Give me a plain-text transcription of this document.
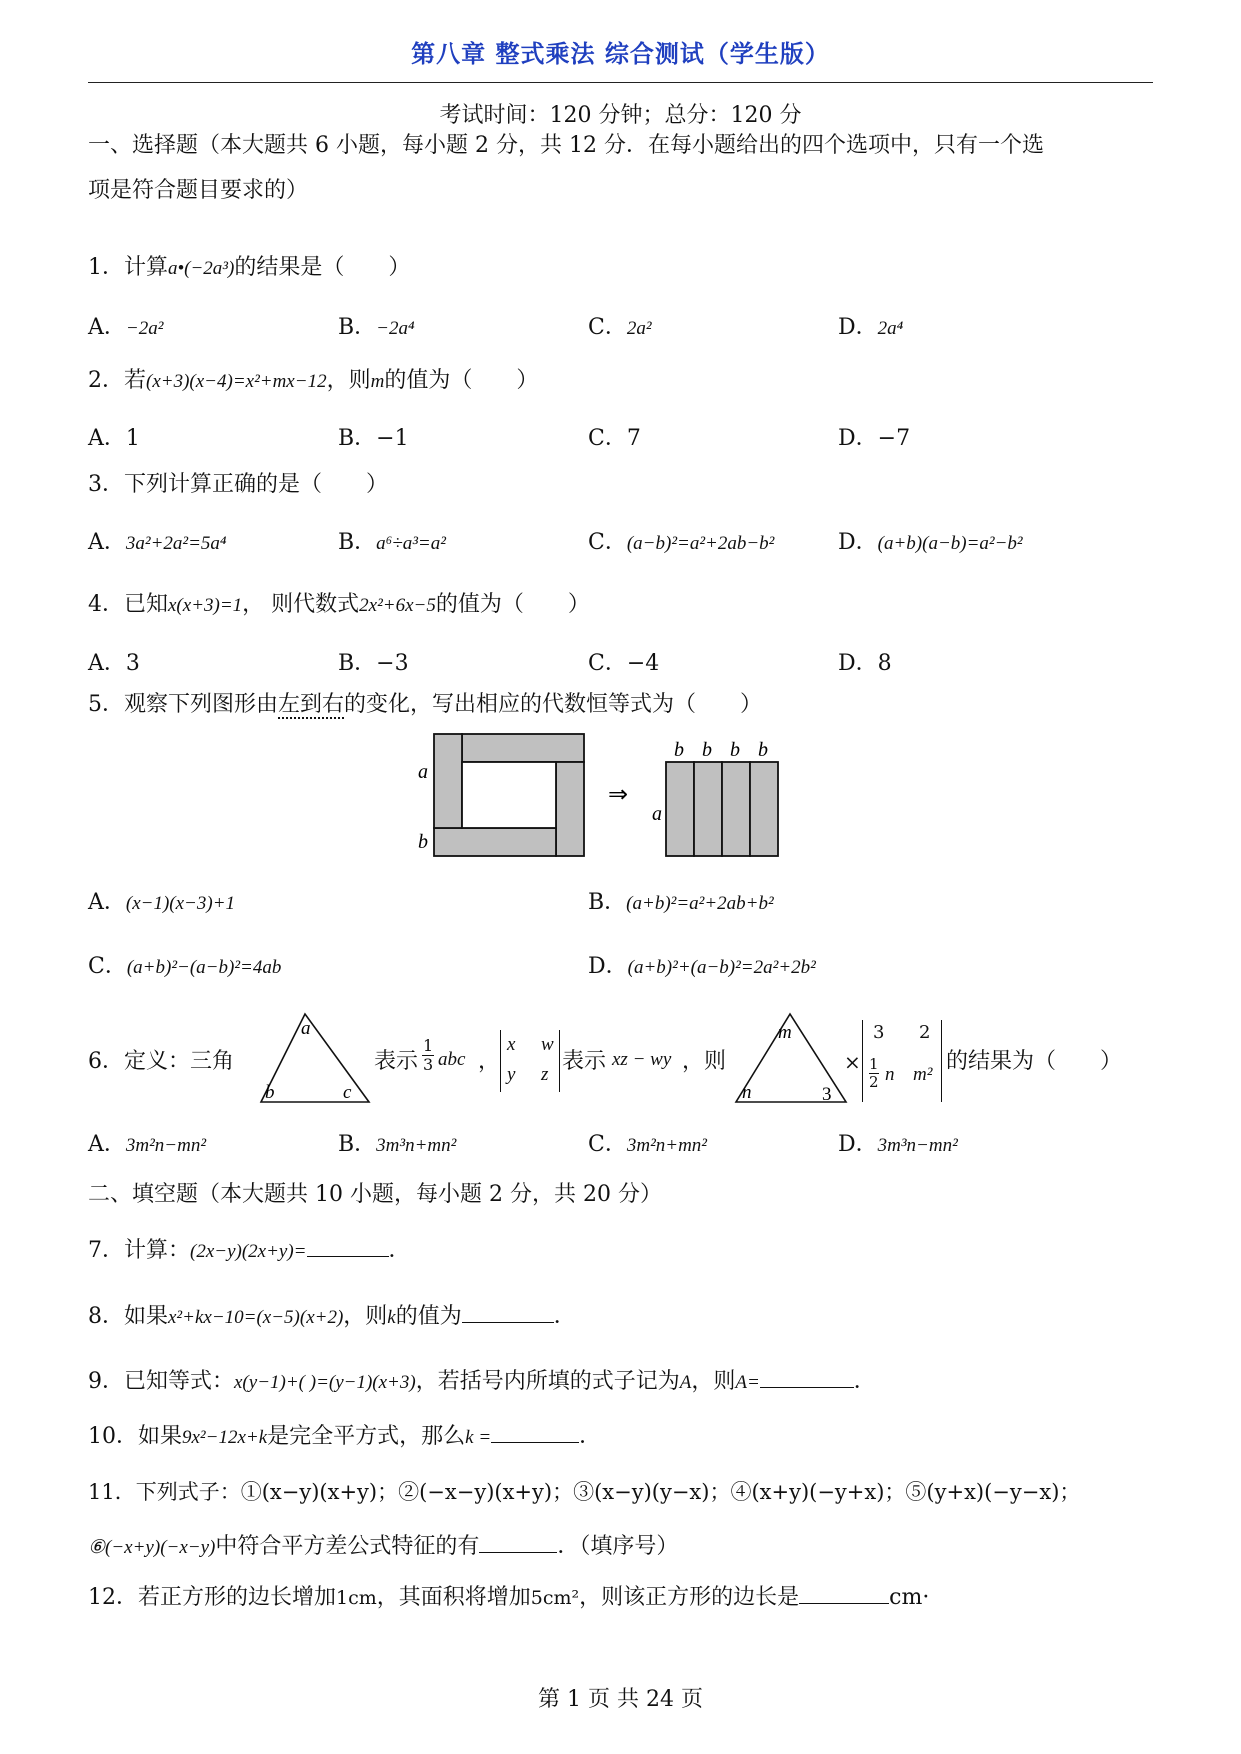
第八章 整式乘法 综合测试（学生版）
考试时间：120 分钟；总分：120 分
一、选择题（本大题共 6 小题，每小题 2 分，共 12 分．在每小题给出的四个选项中，只有一个选
项是符合题目要求的）
1．计算a•(−2a³)的结果是（　　）
A．−2a²	B．−2a⁴	C．2a²	D．2a⁴
2．若(x+3)(x−4)=x²+mx−12，则m的值为（　　）
A．1	B．−1	C．7	D．−7
3．下列计算正确的是（　　）
A．3a²+2a²=5a⁴	B．a⁶÷a³=a²	C．(a−b)²=a²+2ab−b²	D．(a+b)(a−b)=a²−b²
4．已知x(x+3)=1， 则代数式2x²+6x−5的值为（　　）
A．3	B．−3	C．−4	D．8
5．观察下列图形由左到右的变化，写出相应的代数恒等式为（　　）
a
b
⇒
b b b b
a
A．(x−1)(x−3)+1	B．(a+b)²=a²+2ab+b²
C．(a+b)²−(a−b)²=4ab	D．(a+b)²+(a−b)²=2a²+2b²
6．定义：三角
a
b	c
表示
1
3 abc ，
x w
y z
表示 xz − wy ，则
m
n	3
×
3 2
1
2 n m²
的结果为（　　）
A．3m²n−mn²	B．3m³n+mn²	C．3m²n+mn²	D．3m³n−mn²
二、填空题（本大题共 10 小题，每小题 2 分，共 20 分）
7．计算：(2x−y)(2x+y)=	．
8．如果x²+kx−10=(x−5)(x+2)，则k的值为	．
9．已知等式：x(y−1)+( )=(y−1)(x+3)，若括号内所填的式子记为A，则A=	．
10．如果9x²−12x+k是完全平方式，那么k =	．
11．下列式子：①(x−y)(x+y)；②(−x−y)(x+y)；③(x−y)(y−x)；④(x+y)(−y+x)；⑤(y+x)(−y−x)；
⑥(−x+y)(−x−y)中符合平方差公式特征的有	．（填序号）
12．若正方形的边长增加1cm，其面积将增加5cm²，则该正方形的边长是	cm·
第 1 页 共 24 页
